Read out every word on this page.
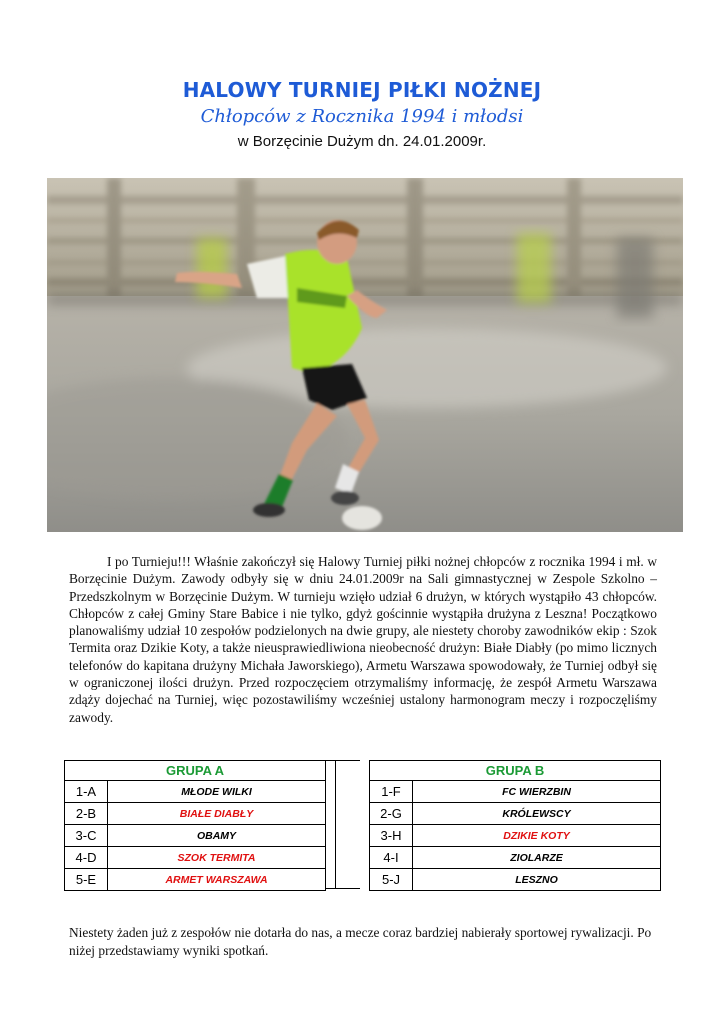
HALOWY TURNIEJ PIŁKI NOŻNEJ
Chłopców z Rocznika 1994 i młodsi
w Borzęcinie Dużym dn. 24.01.2009r.

I po Turnieju!!! Właśnie zakończył się Halowy Turniej piłki nożnej chłopców z rocznika 1994 i mł. w Borzęcinie Dużym. Zawody odbyły się w dniu 24.01.2009r na Sali gimnastycznej w Zespole Szkolno – Przedszkolnym w Borzęcinie Dużym. W turnieju wzięło udział 6 drużyn, w których wystąpiło 43 chłopców. Chłopców z całej Gminy Stare Babice i nie tylko, gdyż gościnnie wystąpiła drużyna z Leszna! Początkowo planowaliśmy udział 10 zespołów podzielonych na dwie grupy, ale niestety choroby zawodników ekip : Szok Termita oraz Dzikie Koty, a także nieusprawiedliwiona nieobecność drużyn: Białe Diabły (po mimo licznych telefonów do kapitana drużyny Michała Jaworskiego), Armetu Warszawa spowodowały, że Turniej odbył się w ograniczonej ilości drużyn. Przed rozpoczęciem otrzymaliśmy informację, że zespół Armetu Warszawa zdąży dojechać na Turniej, więc pozostawiliśmy wcześniej ustalony harmonogram meczy i rozpoczęliśmy zawody.

GRUPA A	
1-A	MŁODE WILKI
2-B	BIAŁE DIABŁY
3-C	OBAMY
4-D	SZOK TERMITA
5-E	ARMET WARSZAWA
GRUPA B	
1-F	FC WIERZBIN
2-G	KRÓLEWSCY
3-H	DZIKIE KOTY
4-I	ZIOLARZE
5-J	LESZNO

Niestety żaden już z zespołów nie dotarła do nas, a mecze coraz bardziej nabierały sportowej rywalizacji. Po niżej przedstawiamy wyniki spotkań.
